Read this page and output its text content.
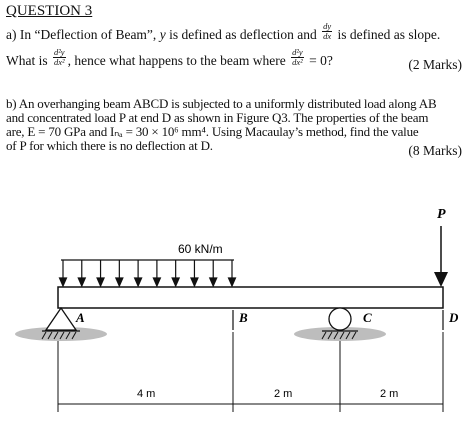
QUESTION 3
a) In “Deflection of Beam”, y is defined as deflection and $\frac{dy}{dx}$ is defined as slope.
What is $\frac{\text{d²y}}{\text{dx²}}$ , hence what happens to the beam where $\frac{\text{d²y}}{\text{dx²}} = 0$?	(2 Marks)
b) An overhanging beam ABCD is subjected to a uniformly distributed load along AB
and concentrated load P at end D as shown in Figure Q3. The properties of the beam
are, E = 70 GPa and Iₙₐ = 30 × 10⁶ mm⁴. Using Macaulay’s method, find the value
of P for which there is no deflection at D.	(8 Marks)
60 kN/m
P
A	B	C	D
4 m	2 m	2 m
